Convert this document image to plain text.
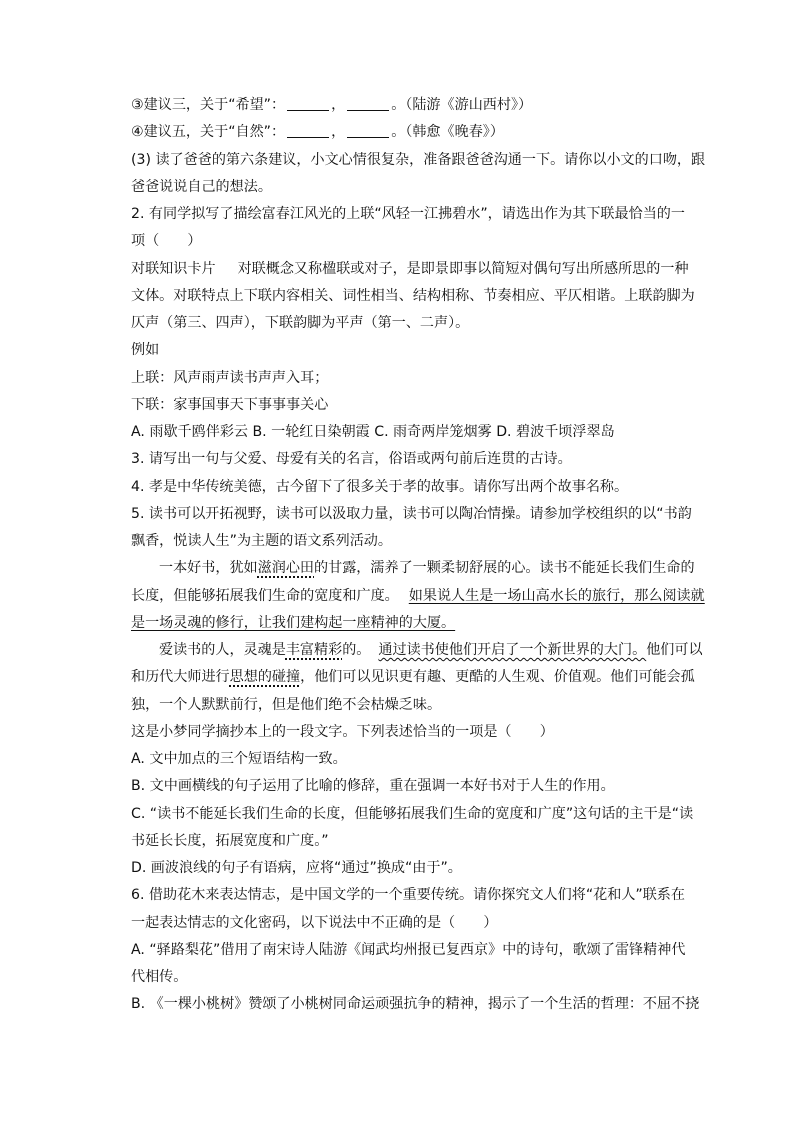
③建议三，关于“希望”：	，	。（陆游《游山西村》）
④建议五，关于“自然”：	，	。（韩愈《晚春》）
(3) 读了爸爸的第六条建议，小文心情很复杂，准备跟爸爸沟通一下。请你以小文的口吻，跟
爸爸说说自己的想法。
2. 有同学拟写了描绘富春江风光的上联“风轻一江拂碧水”，请选出作为其下联最恰当的一
项（　　）
对联知识卡片 对联概念又称楹联或对子，是即景即事以简短对偶句写出所感所思的一种
文体。对联特点上下联内容相关、词性相当、结构相称、节奏相应、平仄相谐。上联韵脚为
仄声（第三、四声），下联韵脚为平声（第一、二声）。
例如
上联：风声雨声读书声声入耳；
下联：家事国事天下事事事关心
A. 雨歇千鸥伴彩云 B. 一轮红日染朝霞 C. 雨奇两岸笼烟雾 D. 碧波千顷浮翠岛
3. 请写出一句与父爱、母爱有关的名言，俗语或两句前后连贯的古诗。
4. 孝是中华传统美德，古今留下了很多关于孝的故事。请你写出两个故事名称。
5. 读书可以开拓视野，读书可以汲取力量，读书可以陶冶情操。请参加学校组织的以“书韵
飘香，悦读人生”为主题的语文系列活动。
一本好书，犹如滋润心田的甘露，濡养了一颗柔韧舒展的心。读书不能延长我们生命的
长度，但能够拓展我们生命的宽度和广度。 如果说人生是一场山高水长的旅行，那么阅读就
是一场灵魂的修行，让我们建构起一座精神的大厦。
爱读书的人，灵魂是丰富精彩的。 通过读书使他们开启了一个新世界的大门。他们可以
和历代大师进行思想的碰撞，他们可以见识更有趣、更酷的人生观、价值观。他们可能会孤
独，一个人默默前行，但是他们绝不会枯燥乏味。
这是小梦同学摘抄本上的一段文字。下列表述恰当的一项是（　　）
A. 文中加点的三个短语结构一致。
B. 文中画横线的句子运用了比喻的修辞，重在强调一本好书对于人生的作用。
C. “读书不能延长我们生命的长度，但能够拓展我们生命的宽度和广度”这句话的主干是“读
书延长长度，拓展宽度和广度。”
D. 画波浪线的句子有语病，应将“通过”换成“由于”。
6. 借助花木来表达情志，是中国文学的一个重要传统。请你探究文人们将“花和人”联系在
一起表达情志的文化密码，以下说法中不正确的是（　　）
A. “驿路梨花”借用了南宋诗人陆游《闻武均州报已复西京》中的诗句，歌颂了雷锋精神代
代相传。
B. 《一棵小桃树》赞颂了小桃树同命运顽强抗争的精神，揭示了一个生活的哲理：不屈不挠
